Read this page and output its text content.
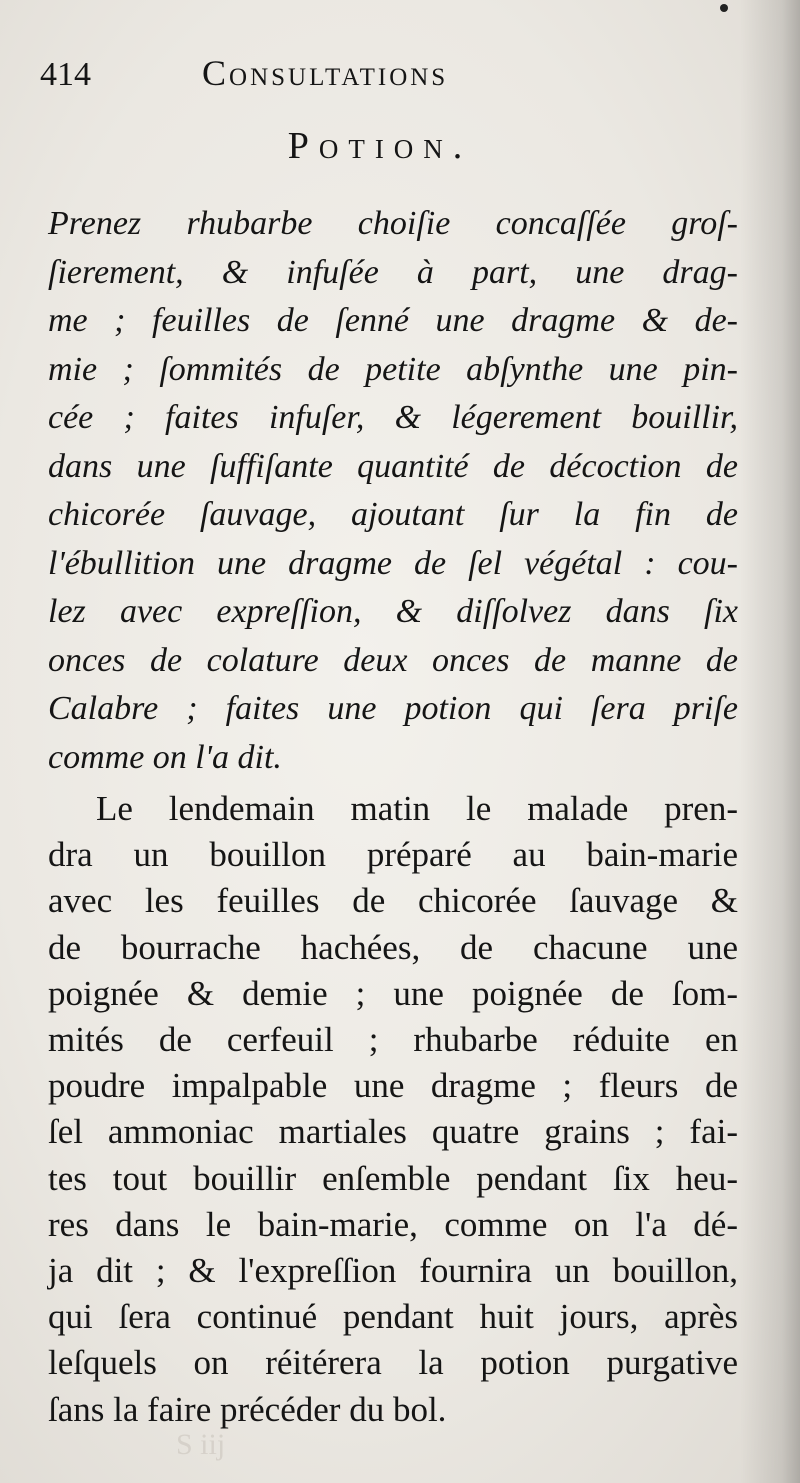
414	Consultations
Potion.
Prenez rhubarbe choiſie concaſſée groſ-
ſierement, & infuſée à part, une drag-
me ; feuilles de ſenné une dragme & de-
mie ; ſommités de petite abſynthe une pin-
cée ; faites infuſer, & légerement bouillir,
dans une ſuffiſante quantité de décoction de
chicorée ſauvage, ajoutant ſur la fin de
l'ébullition une dragme de ſel végétal : cou-
lez avec expreſſion, & diſſolvez dans ſix
onces de colature deux onces de manne de
Calabre ; faites une potion qui ſera priſe
comme on l'a dit.
Le lendemain matin le malade pren-
dra un bouillon préparé au bain-marie
avec les feuilles de chicorée ſauvage &
de bourrache hachées, de chacune une
poignée & demie ; une poignée de ſom-
mités de cerfeuil ; rhubarbe réduite en
poudre impalpable une dragme ; fleurs de
ſel ammoniac martiales quatre grains ; fai-
tes tout bouillir enſemble pendant ſix heu-
res dans le bain-marie, comme on l'a dé-
ja dit ; & l'expreſſion fournira un bouillon,
qui ſera continué pendant huit jours, après
leſquels on réitérera la potion purgative
ſans la faire précéder du bol.
S iij
